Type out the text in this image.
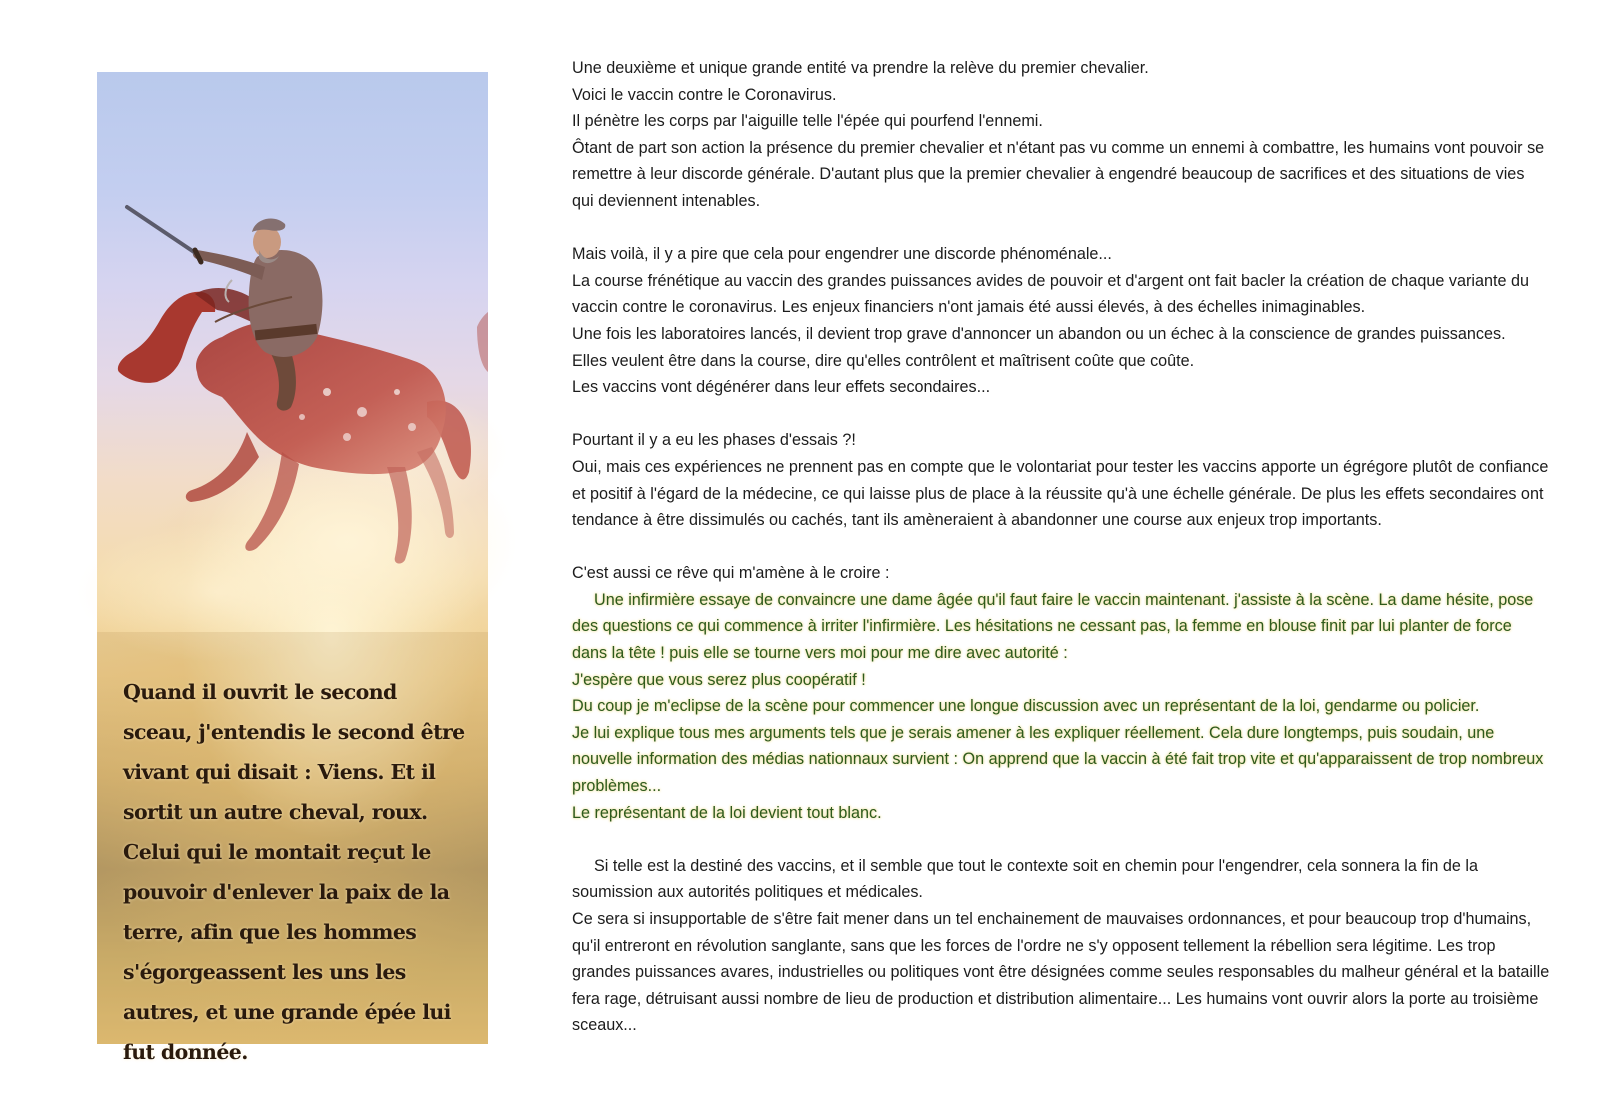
Quand il ouvrit le second sceau, j'entendis le second être vivant qui disait : Viens. Et il sortit un autre cheval, roux. Celui qui le montait reçut le pouvoir d'enlever la paix de la terre, afin que les hommes s'égorgeassent les uns les autres, et une grande épée lui fut donnée.

Une deuxième et unique grande entité va prendre la relève du premier chevalier.

Voici le vaccin contre le Coronavirus.

Il pénètre les corps par l'aiguille telle l'épée qui pourfend l'ennemi.

Ôtant de part son action la présence du premier chevalier et n'étant pas vu comme un ennemi à combattre, les humains vont pouvoir se remettre à leur discorde générale. D'autant plus que la premier chevalier à engendré beaucoup de sacrifices et des situations de vies qui deviennent intenables.

Mais voilà, il y a pire que cela pour engendrer une discorde phénoménale...

La course frénétique au vaccin des grandes puissances avides de pouvoir et d'argent ont fait bacler la création de chaque variante du vaccin contre le coronavirus. Les enjeux financiers n'ont jamais été aussi élevés, à des échelles inimaginables.

Une fois les laboratoires lancés, il devient trop grave d'annoncer un abandon ou un échec à la conscience de grandes puissances.

Elles veulent être dans la course, dire qu'elles contrôlent et maîtrisent coûte que coûte.

Les vaccins vont dégénérer dans leur effets secondaires...

Pourtant il y a eu les phases d'essais ?!

Oui, mais ces expériences ne prennent pas en compte que le volontariat pour tester les vaccins apporte un égrégore plutôt de confiance et positif à l'égard de la médecine, ce qui laisse plus de place à la réussite qu'à une échelle générale. De plus les effets secondaires ont tendance à être dissimulés ou cachés, tant ils amèneraient à abandonner une course aux enjeux trop importants.

C'est aussi ce rêve qui m'amène à le croire :

Une infirmière essaye de convaincre une dame âgée qu'il faut faire le vaccin maintenant. j'assiste à la scène. La dame hésite, pose des questions ce qui commence à irriter l'infirmière. Les hésitations ne cessant pas, la femme en blouse finit par lui planter de force dans la tête ! puis elle se tourne vers moi pour me dire avec autorité :

J'espère que vous serez plus coopératif !

Du coup je m'eclipse de la scène pour commencer une longue discussion avec un représentant de la loi, gendarme ou policier.

Je lui explique tous mes arguments tels que je serais amener à les expliquer réellement. Cela dure longtemps, puis soudain, une nouvelle information des médias nationnaux survient : On apprend que la vaccin à été fait trop vite et qu'apparaissent de trop nombreux problèmes...

Le représentant de la loi devient tout blanc.

Si telle est la destiné des vaccins, et il semble que tout le contexte soit en chemin pour l'engendrer, cela sonnera la fin de la soumission aux autorités politiques et médicales.

Ce sera si insupportable de s'être fait mener dans un tel enchainement de mauvaises ordonnances, et pour beaucoup trop d'humains, qu'il entreront en révolution sanglante, sans que les forces de l'ordre ne s'y opposent tellement la rébellion sera légitime. Les trop grandes puissances avares, industrielles ou politiques vont être désignées comme seules responsables du malheur général et la bataille fera rage, détruisant aussi nombre de lieu de production et distribution alimentaire... Les humains vont ouvrir alors la porte au troisième sceaux...
